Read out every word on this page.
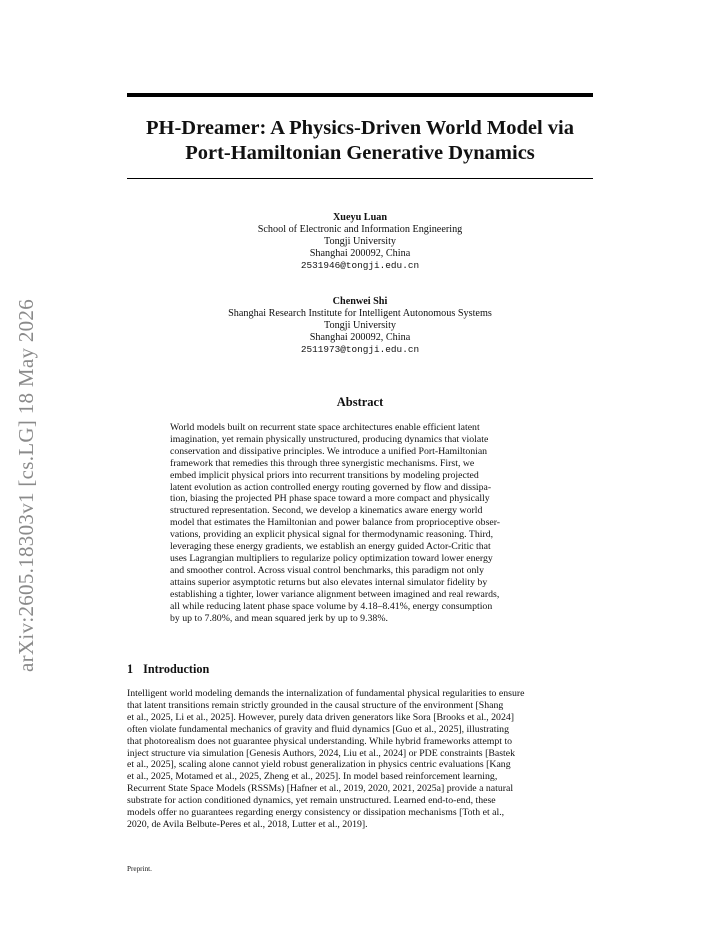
arXiv:2605.18303v1 [cs.LG] 18 May 2026
PH-Dreamer: A Physics-Driven World Model via
Port-Hamiltonian Generative Dynamics
Xueyu Luan
School of Electronic and Information Engineering
Tongji University
Shanghai 200092, China
2531946@tongji.edu.cn
Chenwei Shi
Shanghai Research Institute for Intelligent Autonomous Systems
Tongji University
Shanghai 200092, China
2511973@tongji.edu.cn
Abstract
World models built on recurrent state space architectures enable efficient latent
imagination, yet remain physically unstructured, producing dynamics that violate
conservation and dissipative principles. We introduce a unified Port-Hamiltonian
framework that remedies this through three synergistic mechanisms. First, we
embed implicit physical priors into recurrent transitions by modeling projected
latent evolution as action controlled energy routing governed by flow and dissipa-
tion, biasing the projected PH phase space toward a more compact and physically
structured representation. Second, we develop a kinematics aware energy world
model that estimates the Hamiltonian and power balance from proprioceptive obser-
vations, providing an explicit physical signal for thermodynamic reasoning. Third,
leveraging these energy gradients, we establish an energy guided Actor-Critic that
uses Lagrangian multipliers to regularize policy optimization toward lower energy
and smoother control. Across visual control benchmarks, this paradigm not only
attains superior asymptotic returns but also elevates internal simulator fidelity by
establishing a tighter, lower variance alignment between imagined and real rewards,
all while reducing latent phase space volume by 4.18–8.41%, energy consumption
by up to 7.80%, and mean squared jerk by up to 9.38%.
1 Introduction
Intelligent world modeling demands the internalization of fundamental physical regularities to ensure
that latent transitions remain strictly grounded in the causal structure of the environment [Shang
et al., 2025, Li et al., 2025]. However, purely data driven generators like Sora [Brooks et al., 2024]
often violate fundamental mechanics of gravity and fluid dynamics [Guo et al., 2025], illustrating
that photorealism does not guarantee physical understanding. While hybrid frameworks attempt to
inject structure via simulation [Genesis Authors, 2024, Liu et al., 2024] or PDE constraints [Bastek
et al., 2025], scaling alone cannot yield robust generalization in physics centric evaluations [Kang
et al., 2025, Motamed et al., 2025, Zheng et al., 2025]. In model based reinforcement learning,
Recurrent State Space Models (RSSMs) [Hafner et al., 2019, 2020, 2021, 2025a] provide a natural
substrate for action conditioned dynamics, yet remain unstructured. Learned end-to-end, these
models offer no guarantees regarding energy consistency or dissipation mechanisms [Toth et al.,
2020, de Avila Belbute-Peres et al., 2018, Lutter et al., 2019].
Preprint.
